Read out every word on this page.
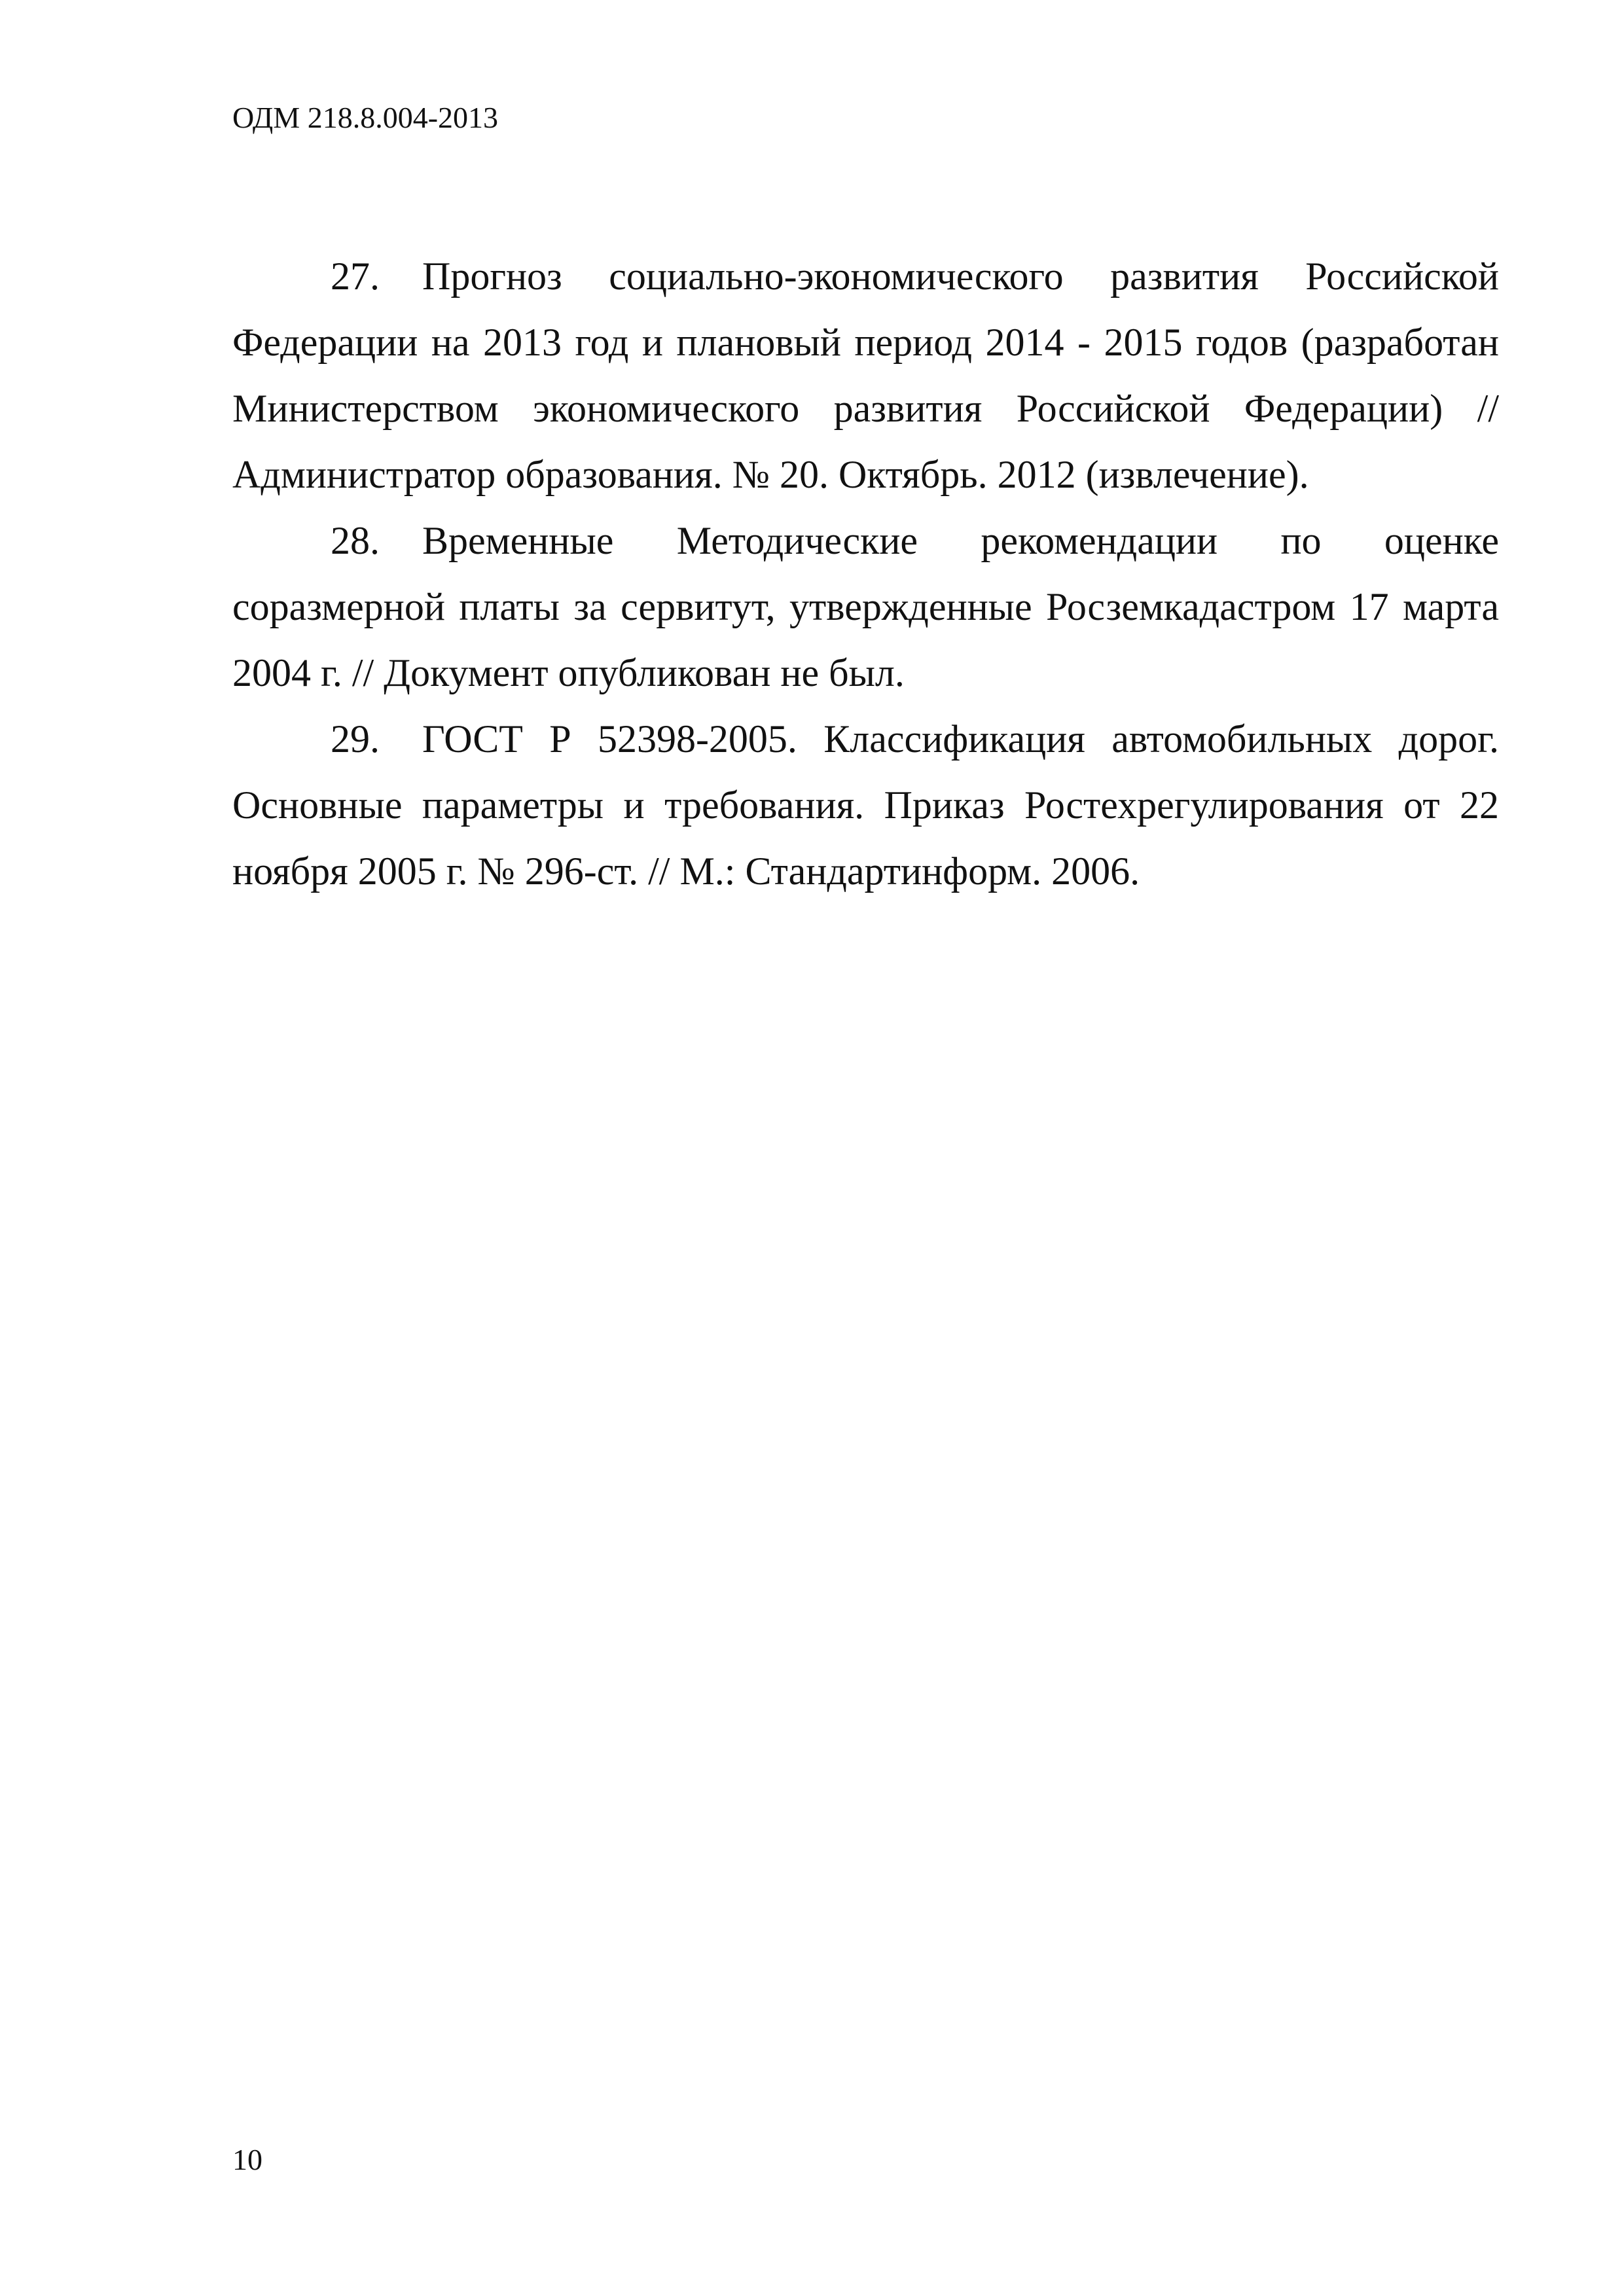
ОДМ 218.8.004-2013

27. Прогноз социально-экономического развития Российской Федерации на 2013 год и плановый период 2014 - 2015 годов (разработан Министерством экономического развития Российской Федерации) // Администратор образования. № 20. Октябрь. 2012 (извлечение).

28. Временные Методические рекомендации по оценке соразмерной платы за сервитут, утвержденные Росземкадастром 17 марта 2004 г. // Документ опубликован не был.

29. ГОСТ Р 52398-2005. Классификация автомобильных дорог. Основные параметры и требования. Приказ Ростехрегулирования от 22 ноября 2005 г. № 296-ст. // М.: Стандартинформ. 2006.

10
